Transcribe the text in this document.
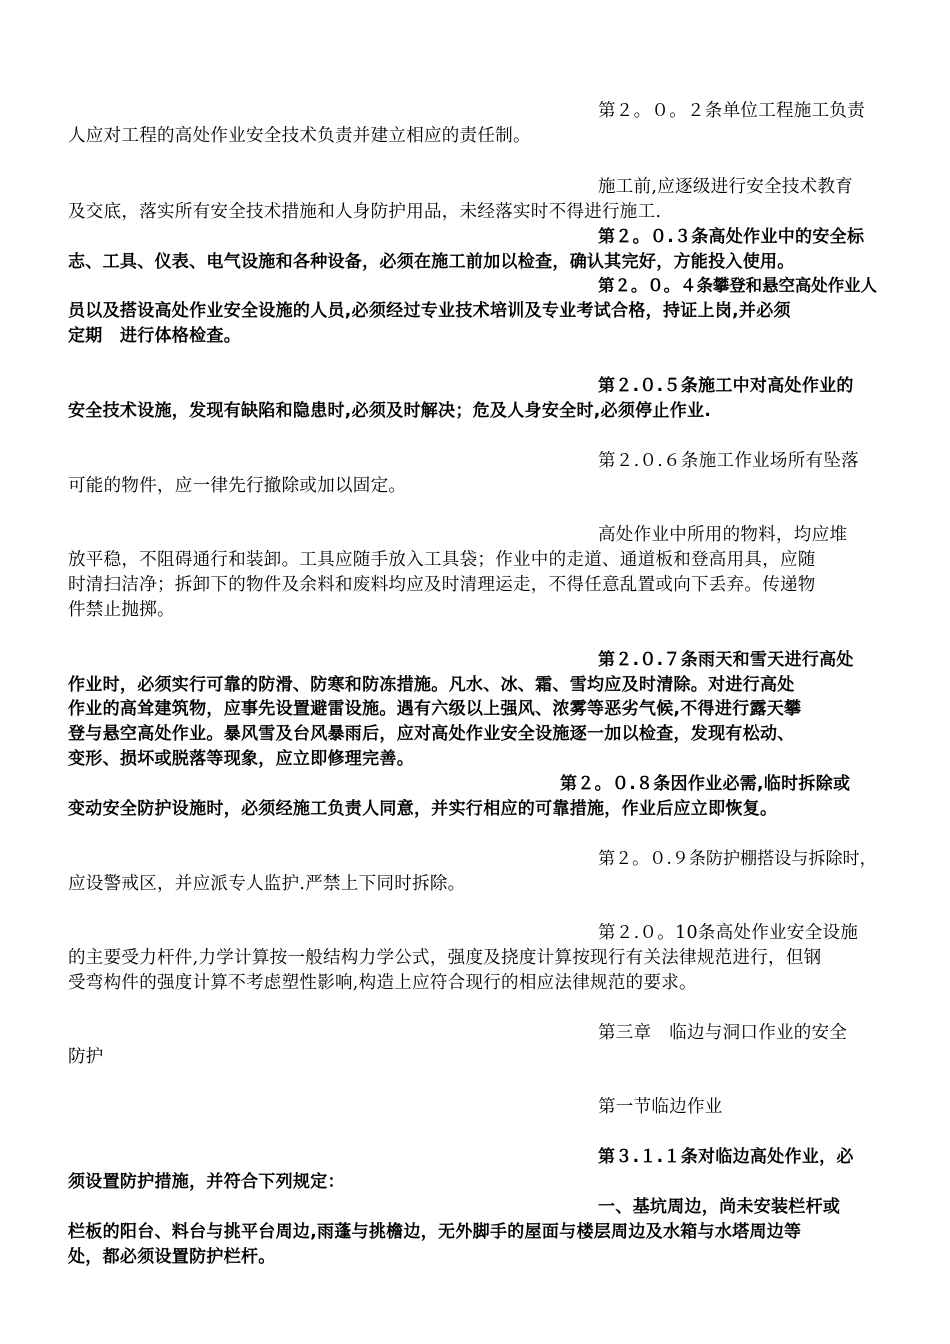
第２。０。２条单位工程施工负责
人应对工程的高处作业安全技术负责并建立相应的责任制。
施工前,应逐级进行安全技术教育
及交底，落实所有安全技术措施和人身防护用品，未经落实时不得进行施工.
第２。０.３条高处作业中的安全标
志、工具、仪表、电气设施和各种设备，必须在施工前加以检查，确认其完好，方能投入使用。
第２。０。４条攀登和悬空高处作业人
员以及搭设高处作业安全设施的人员,必须经过专业技术培训及专业考试合格，持证上岗,并必须
定期　进行体格检查。
第２.０.５条施工中对高处作业的
安全技术设施，发现有缺陷和隐患时,必须及时解决；危及人身安全时,必须停止作业.
第２.０.６条施工作业场所有坠落
可能的物件，应一律先行撤除或加以固定。
高处作业中所用的物料，均应堆
放平稳，不阻碍通行和装卸。工具应随手放入工具袋；作业中的走道、通道板和登高用具，应随
时清扫洁净；拆卸下的物件及余料和废料均应及时清理运走，不得任意乱置或向下丢弃。传递物
件禁止抛掷。
第２.０.７条雨天和雪天进行高处
作业时，必须实行可靠的防滑、防寒和防冻措施。凡水、冰、霜、雪均应及时清除。对进行高处
作业的高耸建筑物，应事先设置避雷设施。遇有六级以上强风、浓雾等恶劣气候,不得进行露天攀
登与悬空高处作业。暴风雪及台风暴雨后，应对高处作业安全设施逐一加以检查，发现有松动、
变形、损坏或脱落等现象，应立即修理完善。
第２。０.８条因作业必需,临时拆除或
变动安全防护设施时，必须经施工负责人同意，并实行相应的可靠措施，作业后应立即恢复。
第２。０.９条防护棚搭设与拆除时，
应设警戒区，并应派专人监护.严禁上下同时拆除。
第２.０。10条高处作业安全设施
的主要受力杆件,力学计算按一般结构力学公式，强度及挠度计算按现行有关法律规范进行，但钢
受弯构件的强度计算不考虑塑性影响,构造上应符合现行的相应法律规范的要求。
第三章　临边与洞口作业的安全
防护
第一节临边作业
第３.１.１条对临边高处作业，必
须设置防护措施，并符合下列规定：
一、基坑周边，尚未安装栏杆或
栏板的阳台、料台与挑平台周边,雨蓬与挑檐边，无外脚手的屋面与楼层周边及水箱与水塔周边等
处，都必须设置防护栏杆。
